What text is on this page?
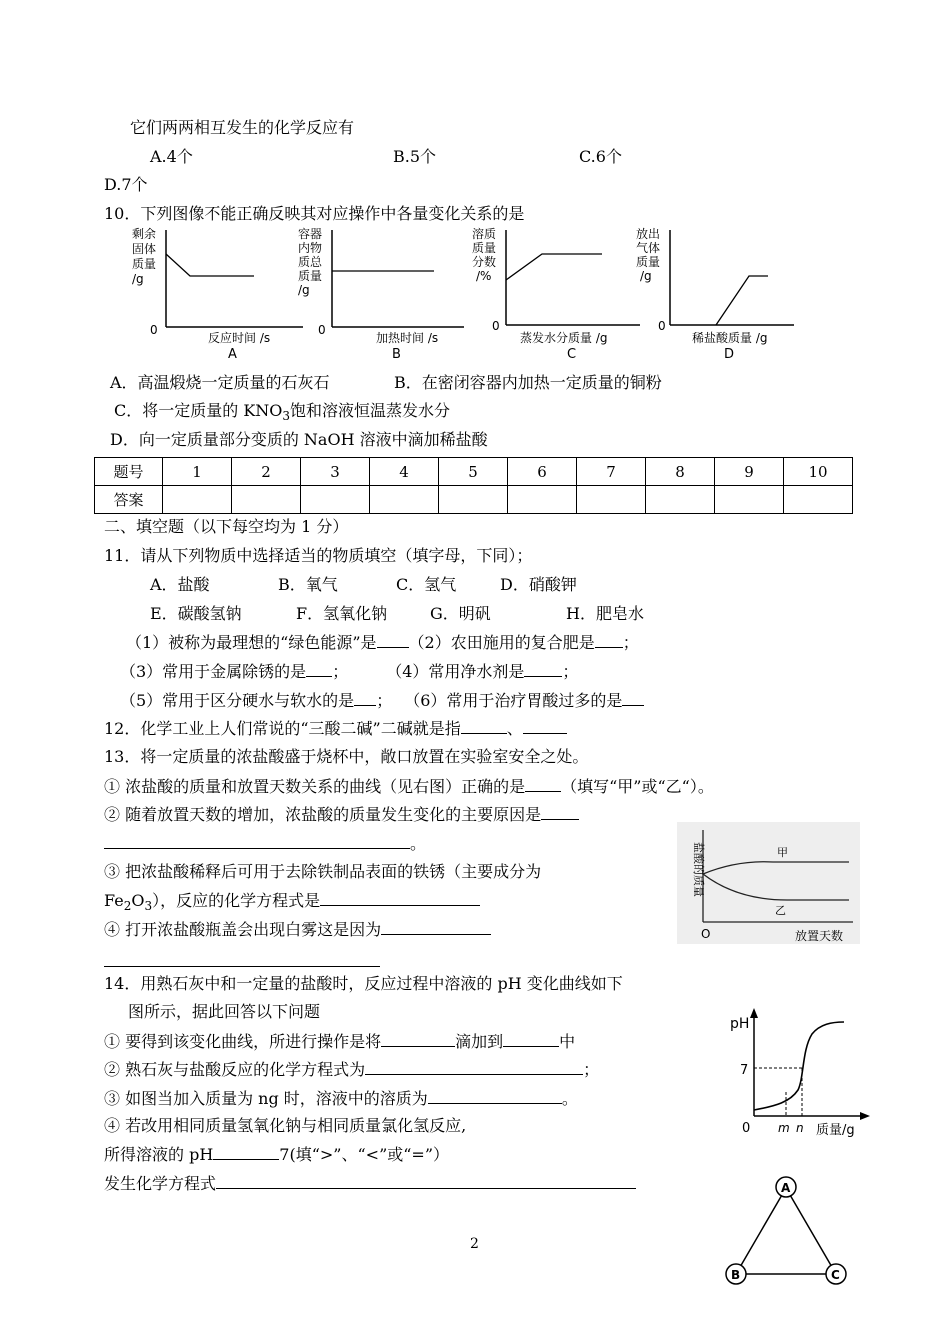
它们两两相互发生的化学反应有
A.4个	B.5个	C.6个
D.7个
10．下列图像不能正确反映其对应操作中各量变化关系的是
剩余
固体
质量
/g
0
反应时间 /s
A
容器
内物
质总
质量
/g
0
加热时间 /s
B
溶质
质量
分数
/%
0
蒸发水分质量 /g
C
放出
气体
质量
/g
0
稀盐酸质量 /g
D
A．高温煅烧一定质量的石灰石	B．在密闭容器内加热一定质量的铜粉
C．将一定质量的 $KNO_3$饱和溶液恒温蒸发水分
D．向一定质量部分变质的 NaOH 溶液中滴加稀盐酸
题号	1	2	3	4	5	6	7	8	9	10
答案										
二、填空题（以下每空均为 1 分）
11．请从下列物质中选择适当的物质填空（填字母，下同）；
A．盐酸	B．氧气	C．氢气	D．硝酸钾
E．碳酸氢钠	F．氢氧化钠	G．明矾	H．肥皂水
（1）被称为最理想的“绿色能源”是 （2）农田施用的复合肥是 ；
（3）常用于金属除锈的是 ； （4）常用净水剂是 ；
（5）常用于区分硬水与软水的是 ； （6）常用于治疗胃酸过多的是
12．化学工业上人们常说的“三酸二碱”二碱就是指	、
13．将一定质量的浓盐酸盛于烧杯中，敞口放置在实验室安全之处。
① 浓盐酸的质量和放置天数关系的曲线（见右图）正确的是 （填写“甲”或“乙“）。
② 随着放置天数的增加，浓盐酸的质量发生变化的主要原因是
。
③ 把浓盐酸稀释后可用于去除铁制品表面的铁锈（主要成分为
$Fe_2O_3$），反应的化学方程式是
④ 打开浓盐酸瓶盖会出现白雾这是因为
盐酸的质量	甲
乙
O	放置天数
14．用熟石灰中和一定量的盐酸时，反应过程中溶液的 pH 变化曲线如下
图所示，据此回答以下问题
① 要得到该变化曲线，所进行操作是将	滴加到	中
② 熟石灰与盐酸反应的化学方程式为	；
③ 如图当加入质量为 ng 时，溶液中的溶质为	。
④ 若改用相同质量氢氧化钠与相同质量氯化氢反应,
所得溶液的 pH	7(填“>”、“<”或“=”）
发生化学方程式
pH
7
0 m n 质量/g
A
B	C
2
